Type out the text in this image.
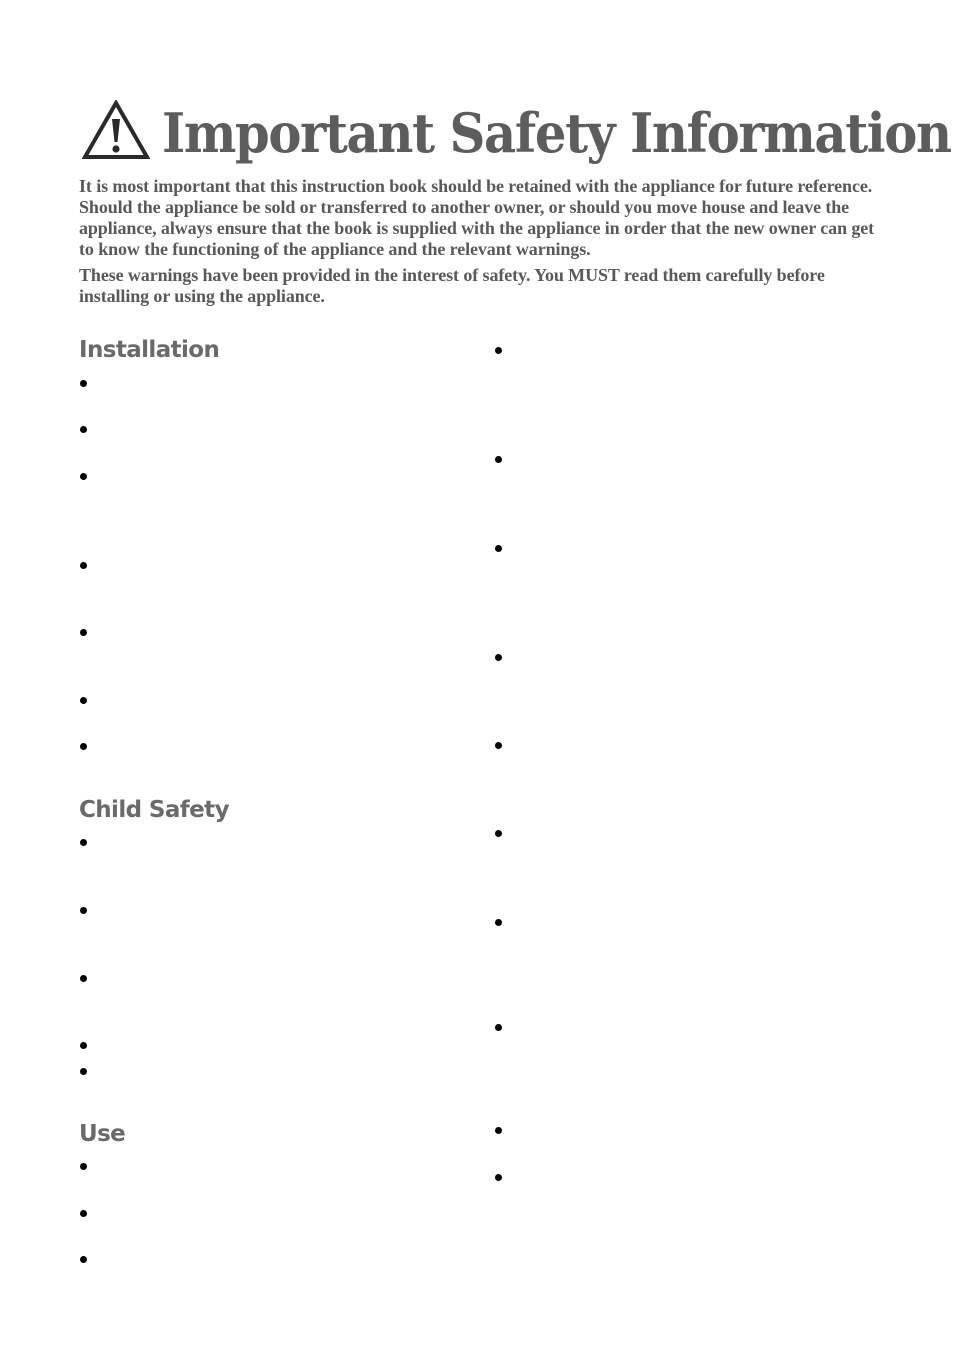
Important Safety Information

It is most important that this instruction book should be retained with the appliance for future reference. Should the appliance be sold or transferred to another owner, or should you move house and leave the appliance, always ensure that the book is supplied with the appliance in order that the new owner can get to know the functioning of the appliance and the relevant warnings.

These warnings have been provided in the interest of safety. You MUST read them carefully before installing or using the appliance.

Installation
Child Safety
Use
